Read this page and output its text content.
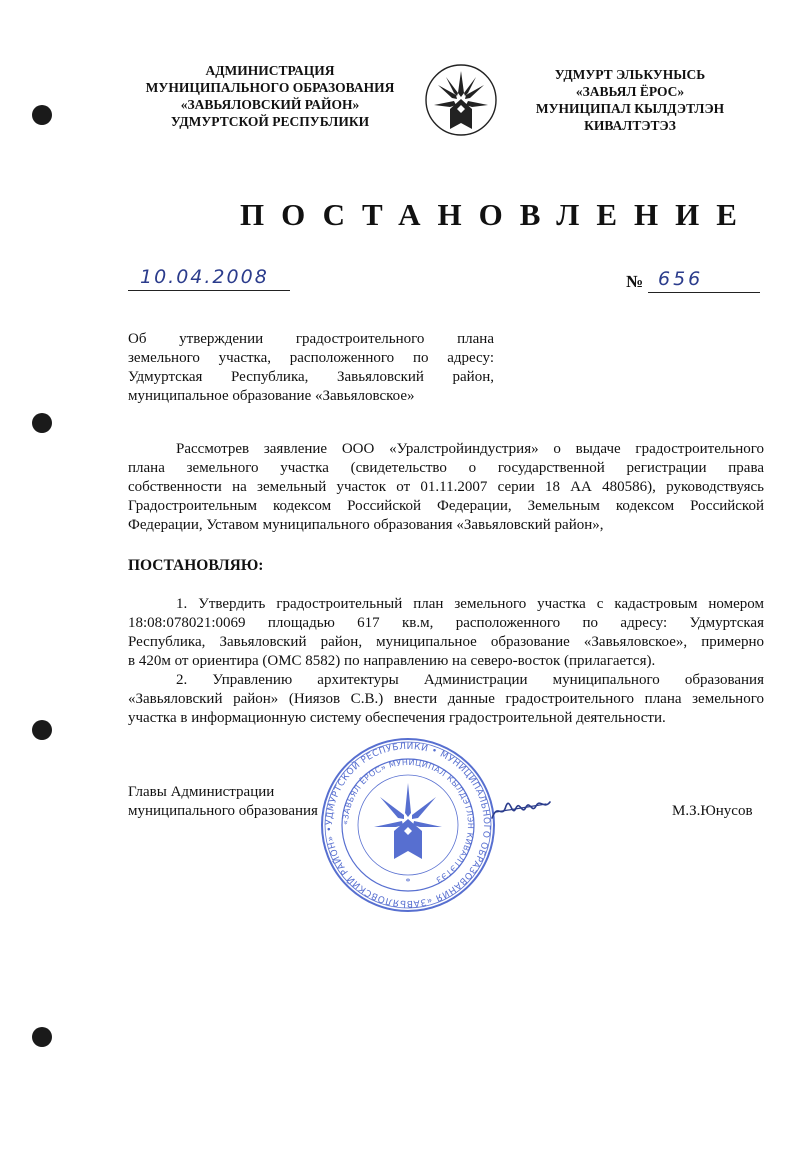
АДМИНИСТРАЦИЯ
МУНИЦИПАЛЬНОГО ОБРАЗОВАНИЯ
«ЗАВЬЯЛОВСКИЙ РАЙОН»
УДМУРТСКОЙ РЕСПУБЛИКИ
УДМУРТ ЭЛЬКУНЫСЬ
«ЗАВЬЯЛ ЁРОС»
МУНИЦИПАЛ КЫЛДЭТЛЭН
КИВАЛТЭТЭЗ
ПОСТАНОВЛЕНИЕ
10.04.2008	№ 656
Об утверждении градостроительного плана
земельного участка, расположенного по адресу:
Удмуртская Республика, Завьяловский район,
муниципальное образование «Завьяловское»
Рассмотрев заявление ООО «Уралстройиндустрия» о выдаче градостроительного
плана земельного участка (свидетельство о государственной регистрации права
собственности на земельный участок от 01.11.2007 серии 18 АА 480586), руководствуясь
Градостроительным кодексом Российской Федерации, Земельным кодексом Российской
Федерации, Уставом муниципального образования «Завьяловский район»,
ПОСТАНОВЛЯЮ:
1. Утвердить градостроительный план земельного участка с кадастровым номером
18:08:078021:0069 площадью 617 кв.м, расположенного по адресу: Удмуртская
Республика, Завьяловский район, муниципальное образование «Завьяловское», примерно
в 420м от ориентира (ОМС 8582) по направлению на северо-восток (прилагается).
2. Управлению архитектуры Администрации муниципального образования
«Завьяловский район» (Ниязов С.В.) внести данные градостроительного плана земельного
участка в информационную систему обеспечения градостроительной деятельности.
УДМУРТСКОЙ РЕСПУБЛИКИ • МУНИЦИПАЛЬНОГО ОБРАЗОВАНИЯ «ЗАВЬЯЛОВСКИЙ РАЙОН» •
«ЗАВЬЯЛ ЁРОС» МУНИЦИПАЛ КЫЛДЭТЛЭН КИВАЛТЭТЭЗ
*
Главы Администрации
муниципального образования	М.З.Юнусов
